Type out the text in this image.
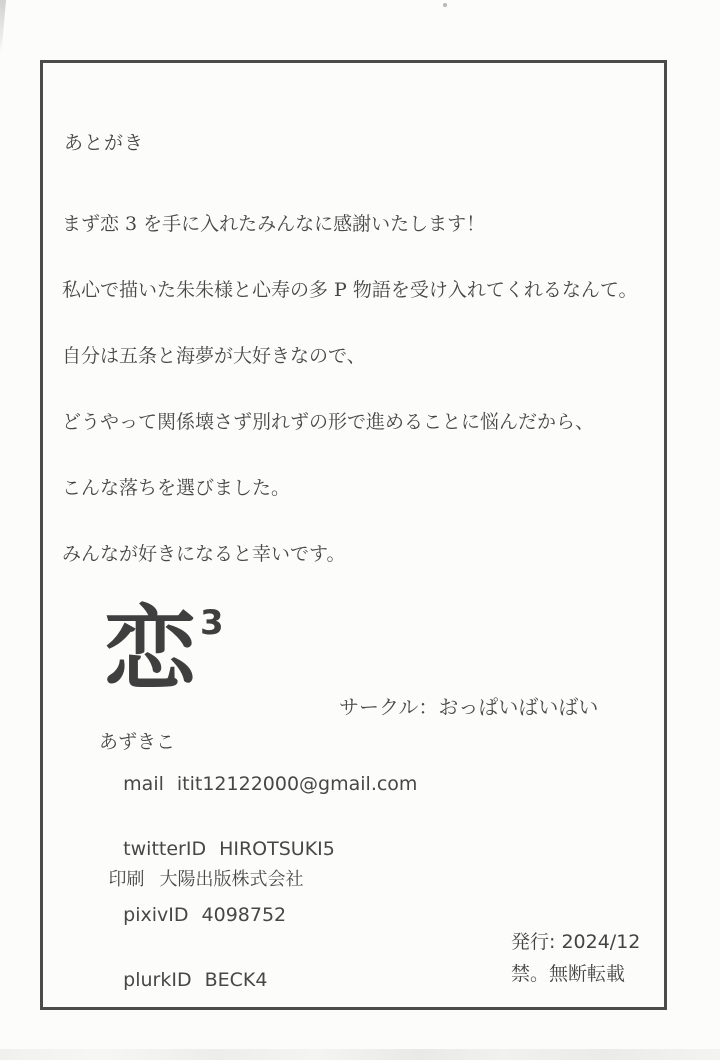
あとがき

まず恋 3 を手に入れたみんなに感謝いたします！

私心で描いた朱朱様と心寿の多 P 物語を受け入れてくれるなんて。

自分は五条と海夢が大好きなので、

どうやって関係壊さず別れずの形で進めることに悩んだから、

こんな落ちを選びました。

みんなが好きになると幸いです。

恋 3
サークル：おっぱいばいばい
あずきこ

mail itit12122000@gmail.com

twitterID HIROTSUKI5

pixivID 4098752

plurkID BECK4

印刷 大陽出版株式会社

発行: 2024/12
禁。無断転載
